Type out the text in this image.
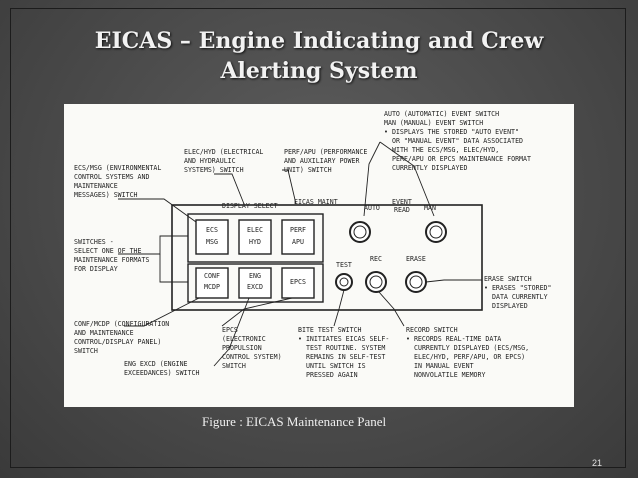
EICAS – Engine Indicating and Crew
Alerting System
DISPLAY SELECT EICAS MAINT
ECS
MSG
ELEC
HYD
PERF
APU
CONF
MCDP
ENG
EXCD
EPCS
AUTO
EVENT
READ MAN
TEST
REC	ERASE
ECS/MSG (ENVIRONMENTAL
CONTROL SYSTEMS AND
MAINTENANCE
MESSAGES) SWITCH
ELEC/HYD (ELECTRICAL
AND HYDRAULIC
SYSTEMS) SWITCH
PERF/APU (PERFORMANCE
AND AUXILIARY POWER
UNIT) SWITCH
AUTO (AUTOMATIC) EVENT SWITCH
MAN (MANUAL) EVENT SWITCH
• DISPLAYS THE STORED "AUTO EVENT"
OR "MANUAL EVENT" DATA ASSOCIATED
WITH THE ECS/MSG, ELEC/HYD,
PERF/APU OR EPCS MAINTENANCE FORMAT
CURRENTLY DISPLAYED
SWITCHES -
SELECT ONE OF THE
MAINTENANCE FORMATS
FOR DISPLAY
ERASE SWITCH
• ERASES "STORED"
DATA CURRENTLY
DISPLAYED
CONF/MCDP (CONFIGURATION
AND MAINTENANCE
CONTROL/DISPLAY PANEL)
SWITCH
EPCS
(ELECTRONIC
PROPULSION
CONTROL SYSTEM)
SWITCH
BITE TEST SWITCH
• INITIATES EICAS SELF-
TEST ROUTINE. SYSTEM
REMAINS IN SELF-TEST
UNTIL SWITCH IS
PRESSED AGAIN
RECORD SWITCH
• RECORDS REAL-TIME DATA
CURRENTLY DISPLAYED (ECS/MSG,
ELEC/HYD, PERF/APU, OR EPCS)
IN MANUAL EVENT
NONVOLATILE MEMORY
ENG EXCD (ENGINE
EXCEEDANCES) SWITCH
Figure : EICAS Maintenance Panel
21
